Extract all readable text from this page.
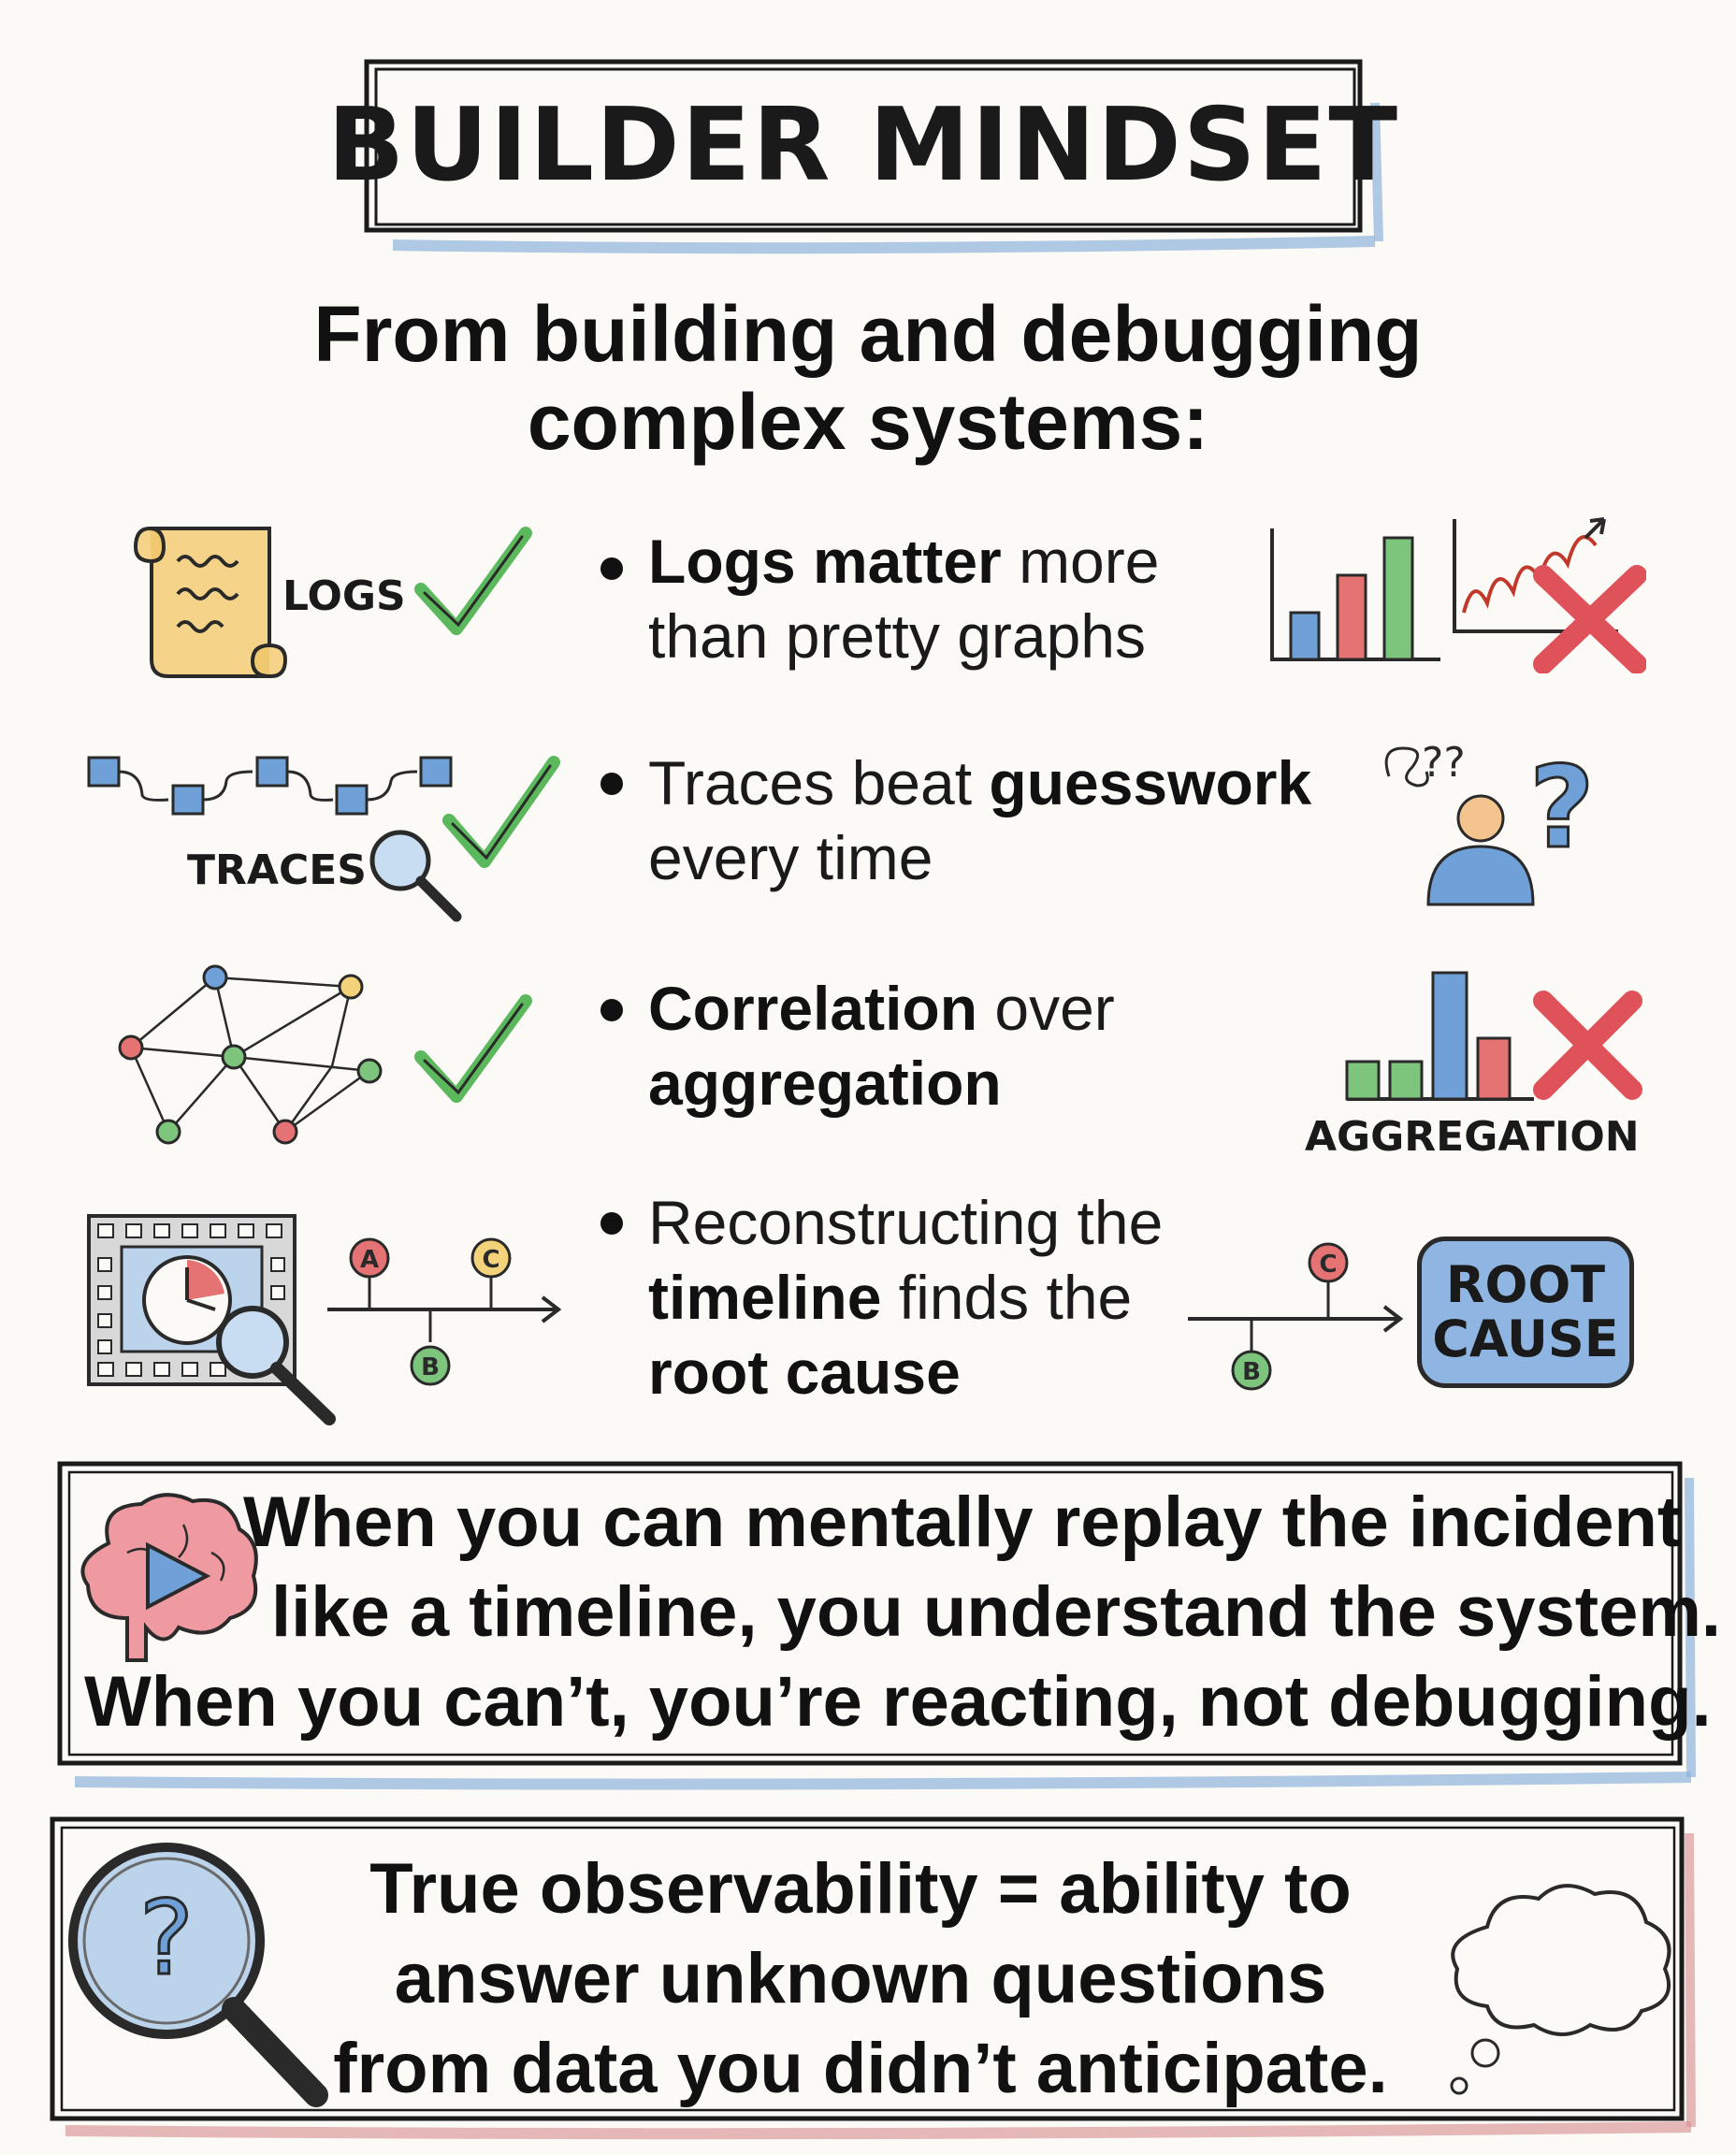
BUILDER MINDSET
From building and debugging complex systems:
LOGS
Logs matter more
than pretty graphs
TRACES
Traces beat guesswork
every time
?? ?
Correlation over
aggregation
AGGREGATION
A
B
C
Reconstructing the
timeline finds the
root cause	B
C ROOT
CAUSE
When you can mentally replay the incident
like a timeline, you understand the system.
When you can’t, you’re reacting, not debugging.
?	True observability = ability to
answer unknown questions
from data you didn’t anticipate.
